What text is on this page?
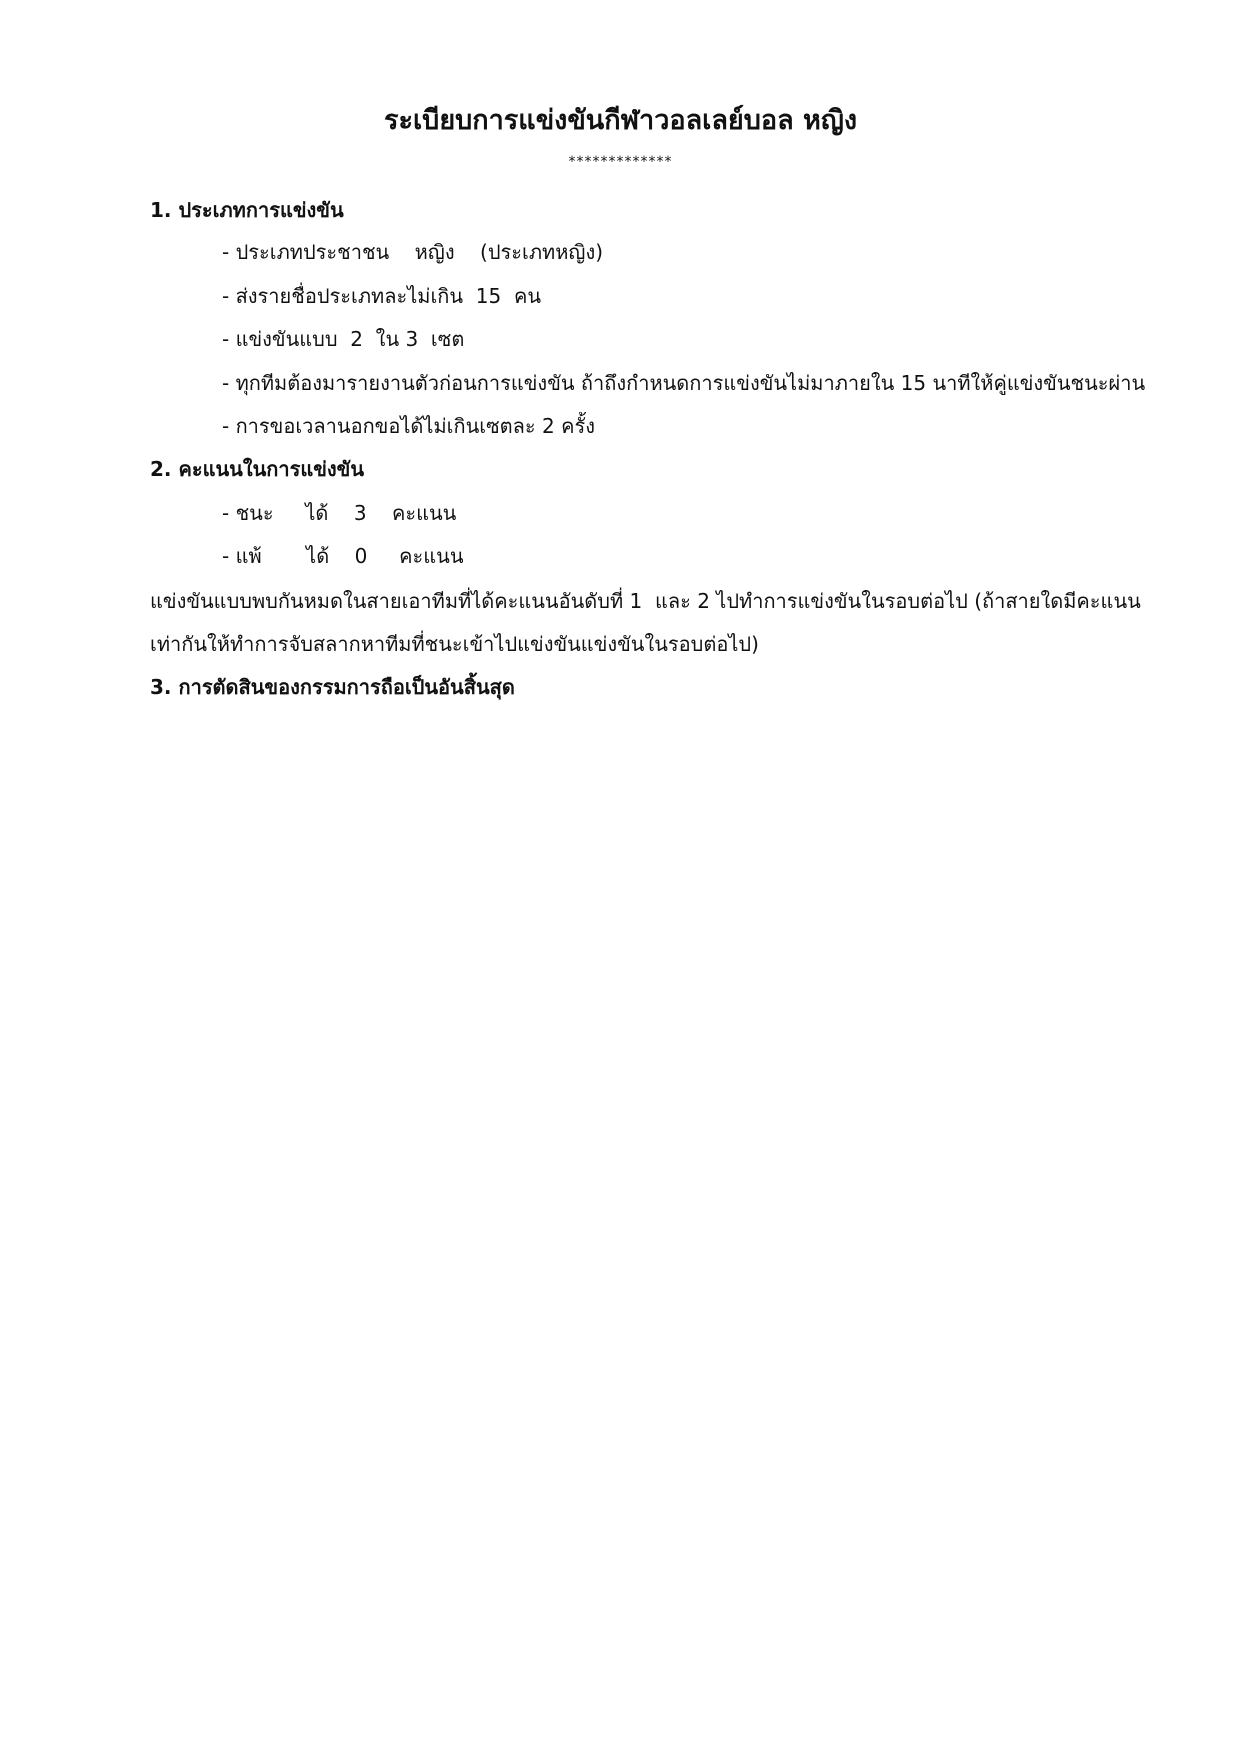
ระเบียบการแข่งขันกีฬาวอลเลย์บอล หญิง
*************
1. ประเภทการแข่งขัน
- ประเภทประชาชน    หญิง    (ประเภทหญิง)
- ส่งรายชื่อประเภทละไม่เกิน  15  คน
- แข่งขันแบบ  2  ใน 3  เซต
- ทุกทีมต้องมารายงานตัวก่อนการแข่งขัน ถ้าถึงกำหนดการแข่งขันไม่มาภายใน 15 นาทีให้คู่แข่งขันชนะผ่าน
- การขอเวลานอกขอได้ไม่เกินเซตละ 2 ครั้ง
2. คะแนนในการแข่งขัน
- ชนะ     ได้    3    คะแนน
- แพ้       ได้    0     คะแนน
แข่งขันแบบพบกันหมดในสายเอาทีมที่ได้คะแนนอันดับที่ 1  และ 2 ไปทำการแข่งขันในรอบต่อไป (ถ้าสายใดมีคะแนน
เท่ากันให้ทำการจับสลากหาทีมที่ชนะเข้าไปแข่งขันแข่งขันในรอบต่อไป)
3. การตัดสินของกรรมการถือเป็นอันสิ้นสุด
